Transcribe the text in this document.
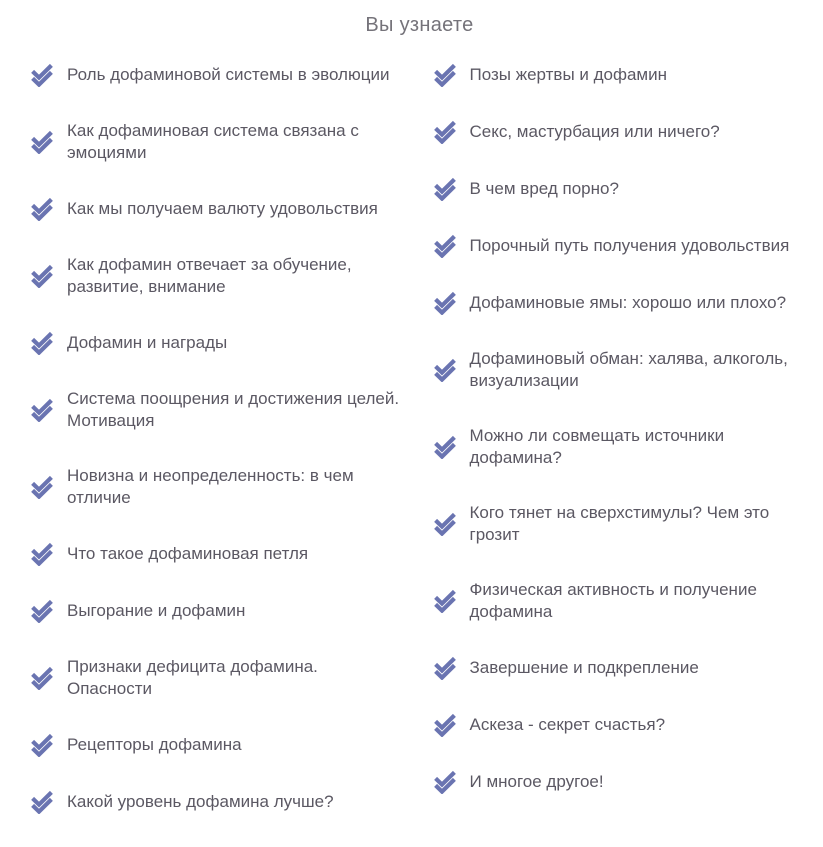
Вы узнаете
Роль дофаминовой системы в эволюции
Как дофаминовая система связана с эмоциями
Как мы получаем валюту удовольствия
Как дофамин отвечает за обучение, развитие, внимание
Дофамин и награды
Система поощрения и достижения целей. Мотивация
Новизна и неопределенность: в чем отличие
Что такое дофаминовая петля
Выгорание и дофамин
Признаки дефицита дофамина. Опасности
Рецепторы дофамина
Какой уровень дофамина лучше?
Позы жертвы и дофамин
Секс, мастурбация или ничего?
В чем вред порно?
Порочный путь получения удовольствия
Дофаминовые ямы: хорошо или плохо?
Дофаминовый обман: халява, алкоголь, визуализации
Можно ли совмещать источники дофамина?
Кого тянет на сверхстимулы? Чем это грозит
Физическая активность и получение дофамина
Завершение и подкрепление
Аскеза - секрет счастья?
И многое другое!
